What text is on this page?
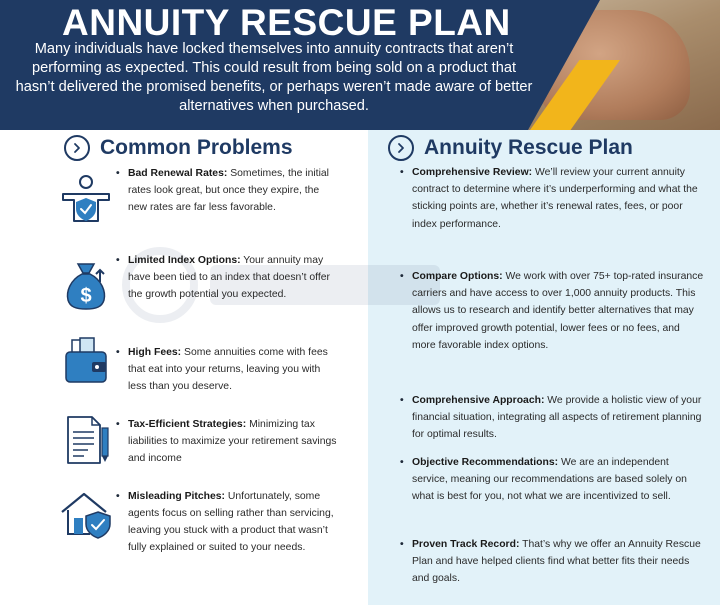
ANNUITY RESCUE PLAN

Many individuals have locked themselves into annuity contracts that aren’t performing as expected. This could result from being sold on a product that hasn’t delivered the promised benefits, or perhaps weren’t made aware of better alternatives when purchased.

Common Problems

• Bad Renewal Rates: Sometimes, the initial rates look great, but once they expire, the new rates are far less favorable.

$

• Limited Index Options: Your annuity may have been tied to an index that doesn’t offer the growth potential you expected.

• High Fees: Some annuities come with fees that eat into your returns, leaving you with less than you deserve.

• Tax-Efficient Strategies: Minimizing tax liabilities to maximize your retirement savings and income

• Misleading Pitches: Unfortunately, some agents focus on selling rather than servicing, leaving you stuck with a product that wasn’t fully explained or suited to your needs.

Annuity Rescue Plan

• Comprehensive Review: We’ll review your current annuity contract to determine where it’s underperforming and what the sticking points are, whether it’s renewal rates, fees, or poor index performance.

• Compare Options: We work with over 75+ top-rated insurance carriers and have access to over 1,000 annuity products. This allows us to research and identify better alternatives that may offer improved growth potential, lower fees or no fees, and more favorable index options.

• Comprehensive Approach: We provide a holistic view of your financial situation, integrating all aspects of retirement planning for optimal results.

• Objective Recommendations: We are an independent service, meaning our recommendations are based solely on what is best for you, not what we are incentivized to sell.

• Proven Track Record: That’s why we offer an Annuity Rescue Plan and have helped clients find what better fits their needs and goals.
